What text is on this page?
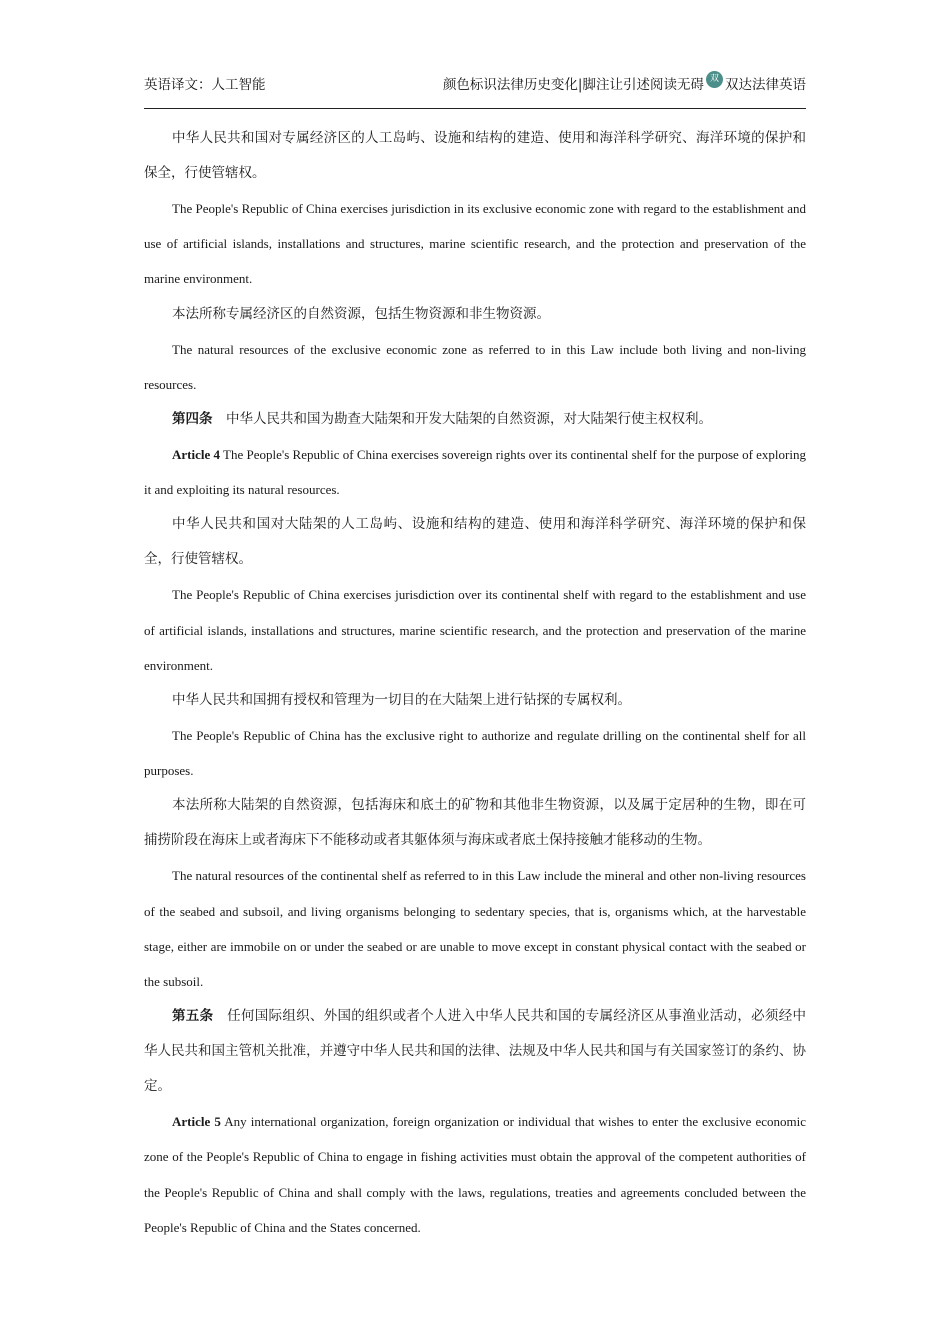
英语译文：人工智能	颜色标识法律历史变化|脚注让引述阅读无碍 双 双达法律英语

中华人民共和国对专属经济区的人工岛屿、设施和结构的建造、使用和海洋科学研究、海洋环境的保护和保全，行使管辖权。

The People's Republic of China exercises jurisdiction in its exclusive economic zone with regard to the establishment and use of artificial islands, installations and structures, marine scientific research, and the protection and preservation of the marine environment.

本法所称专属经济区的自然资源，包括生物资源和非生物资源。

The natural resources of the exclusive economic zone as referred to in this Law include both living and non-living resources.

第四条　中华人民共和国为勘查大陆架和开发大陆架的自然资源，对大陆架行使主权权利。

Article 4 The People's Republic of China exercises sovereign rights over its continental shelf for the purpose of exploring it and exploiting its natural resources.

中华人民共和国对大陆架的人工岛屿、设施和结构的建造、使用和海洋科学研究、海洋环境的保护和保全，行使管辖权。

The People's Republic of China exercises jurisdiction over its continental shelf with regard to the establishment and use of artificial islands, installations and structures, marine scientific research, and the protection and preservation of the marine environment.

中华人民共和国拥有授权和管理为一切目的在大陆架上进行钻探的专属权利。

The People's Republic of China has the exclusive right to authorize and regulate drilling on the continental shelf for all purposes.

本法所称大陆架的自然资源，包括海床和底土的矿物和其他非生物资源，以及属于定居种的生物，即在可捕捞阶段在海床上或者海床下不能移动或者其躯体须与海床或者底土保持接触才能移动的生物。

The natural resources of the continental shelf as referred to in this Law include the mineral and other non-living resources of the seabed and subsoil, and living organisms belonging to sedentary species, that is, organisms which, at the harvestable stage, either are immobile on or under the seabed or are unable to move except in constant physical contact with the seabed or the subsoil.

第五条　任何国际组织、外国的组织或者个人进入中华人民共和国的专属经济区从事渔业活动，必须经中华人民共和国主管机关批准，并遵守中华人民共和国的法律、法规及中华人民共和国与有关国家签订的条约、协定。

Article 5 Any international organization, foreign organization or individual that wishes to enter the exclusive economic zone of the People's Republic of China to engage in fishing activities must obtain the approval of the competent authorities of the People's Republic of China and shall comply with the laws, regulations, treaties and agreements concluded between the People's Republic of China and the States concerned.
